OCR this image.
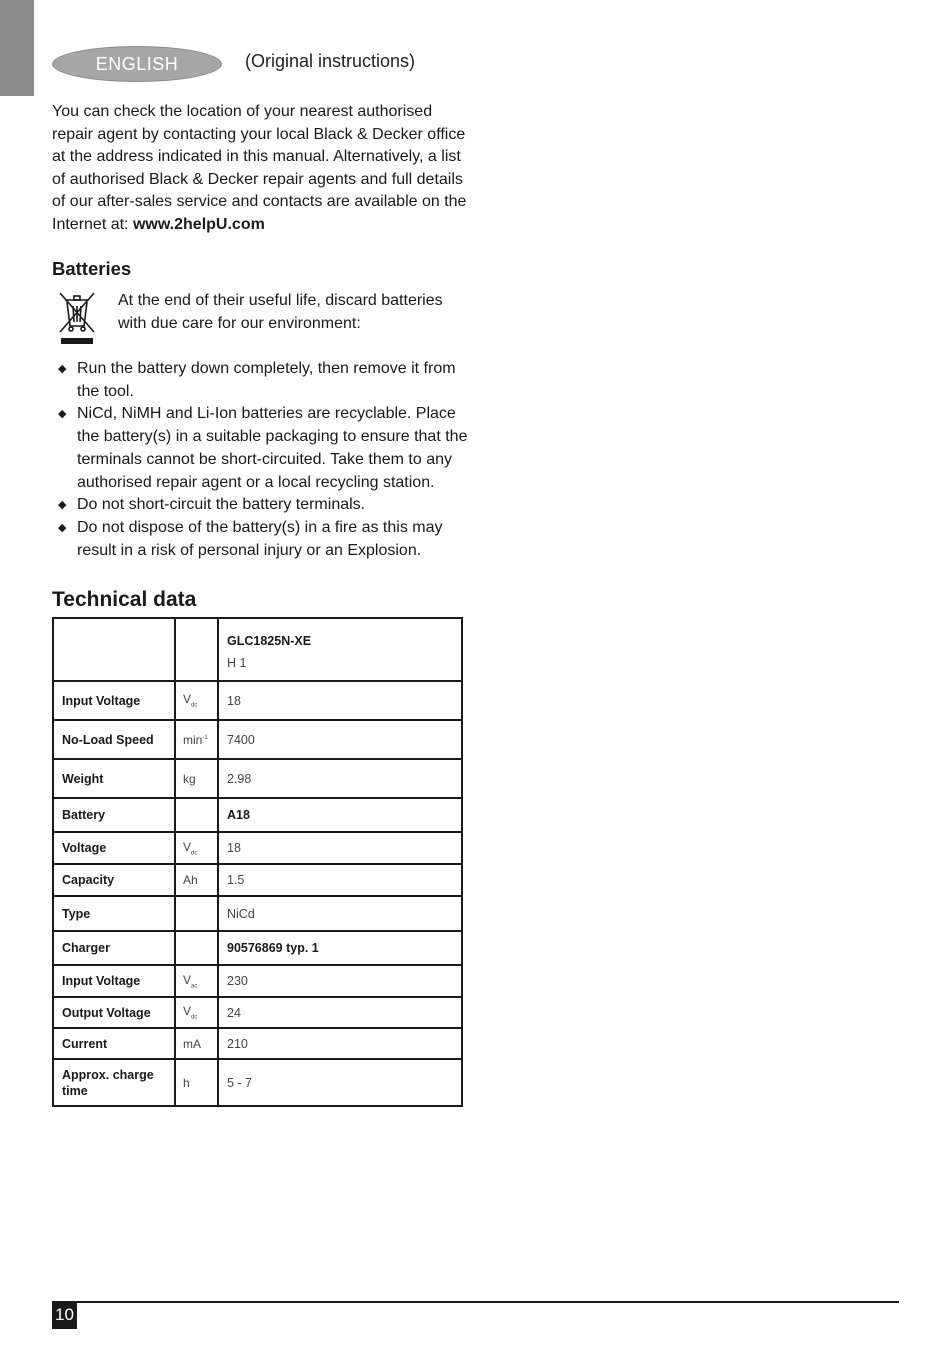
ENGLISH	(Original instructions)

You can check the location of your nearest authorised repair agent by contacting your local Black & Decker office at the address indicated in this manual. Alternatively, a list of authorised Black & Decker repair agents and full details of our after-sales service and contacts are available on the Internet at: www.2helpU.com

Batteries

At the end of their useful life, discard batteries with due care for our environment:

◆ Run the battery down completely, then remove it from the tool.
◆ NiCd, NiMH and Li-Ion batteries are recyclable. Place the battery(s) in a suitable packaging to ensure that the terminals cannot be short-circuited. Take them to any authorised repair agent or a local recycling station.
◆ Do not short-circuit the battery terminals.
◆ Do not dispose of the battery(s) in a fire as this may result in a risk of personal injury or an Explosion.
Technical data

		GLC1825N-XE
H 1

Input Voltage	$V_{dc}$	18
No-Load Speed	$\min^{-1}$	7400
Weight	kg	2.98
Battery		A18
Voltage	$V_{dc}$	18
Capacity	Ah	1.5
Type		NiCd
Charger		90576869 typ. 1
Input Voltage	$V_{ac}$	230
Output Voltage	$V_{dc}$	24
Current	mA	210
Approx. charge time	h	5 - 7
10
